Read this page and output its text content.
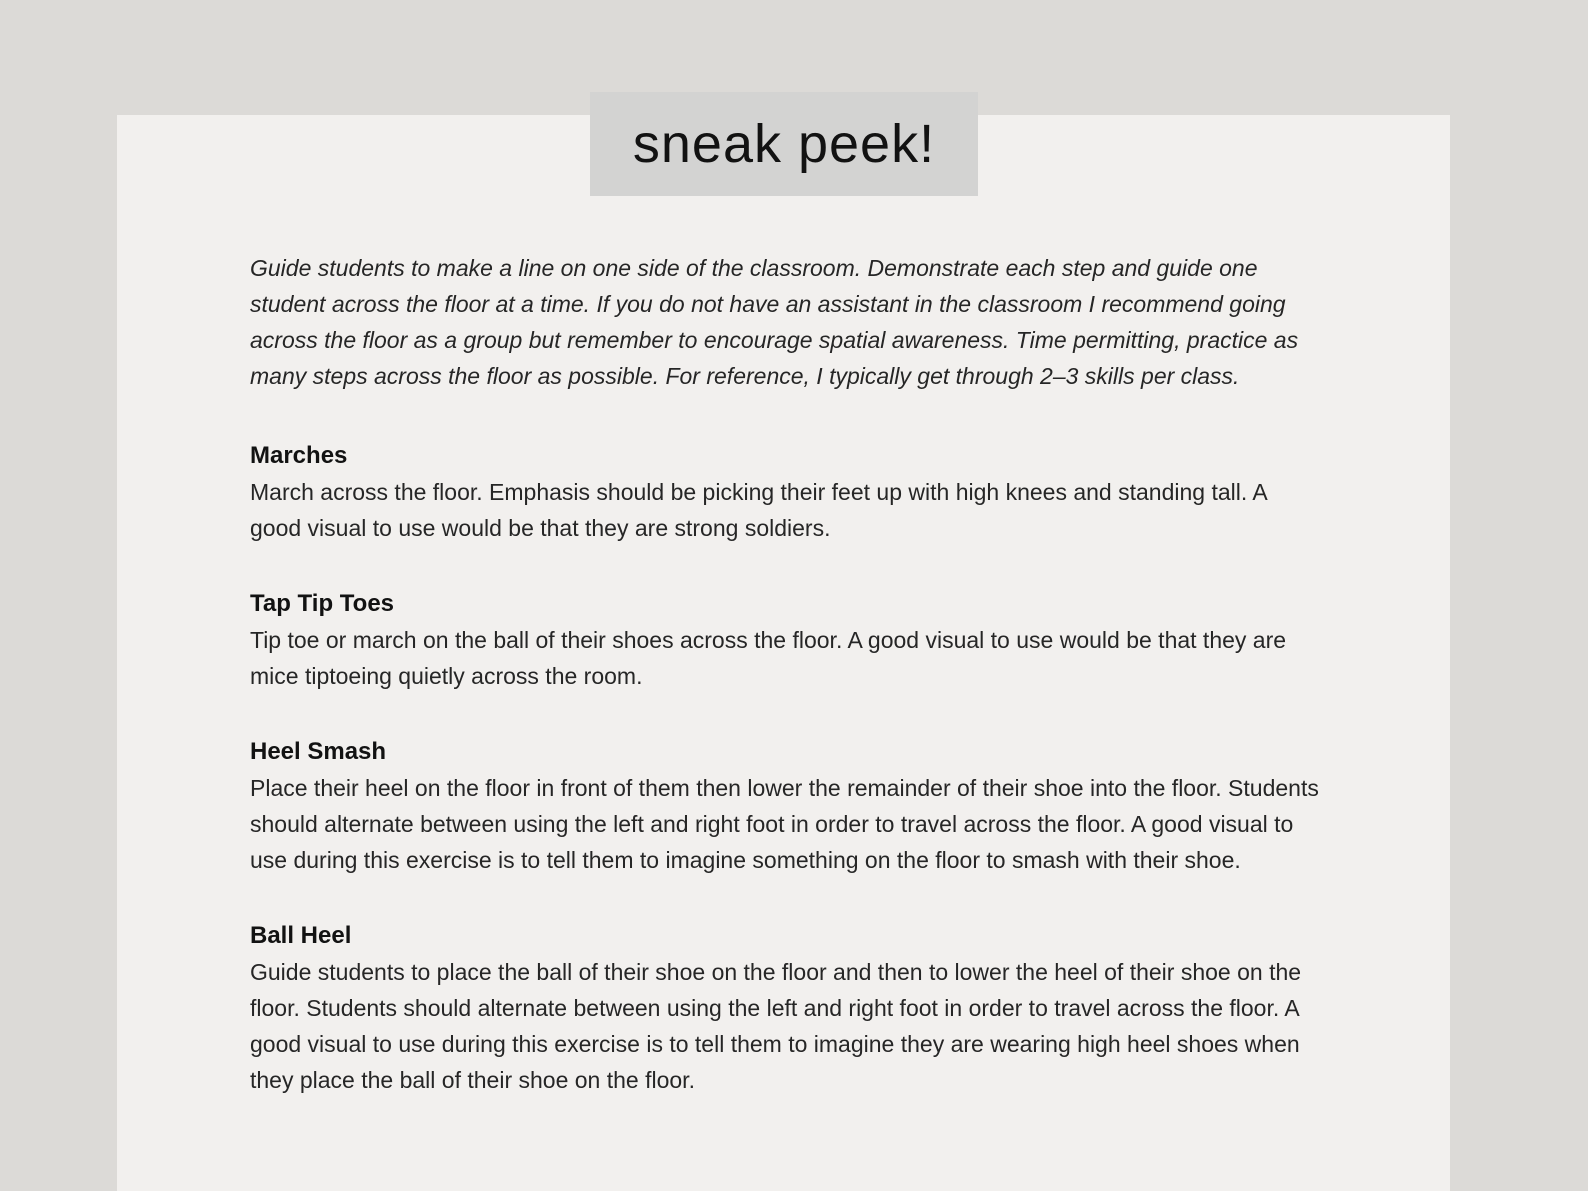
sneak peek!

Guide students to make a line on one side of the classroom. Demonstrate each step and guide one student across the floor at a time. If you do not have an assistant in the classroom I recommend going across the floor as a group but remember to encourage spatial awareness. Time permitting, practice as many steps across the floor as possible. For reference, I typically get through 2–3 skills per class.

Marches

March across the floor. Emphasis should be picking their feet up with high knees and standing tall. A good visual to use would be that they are strong soldiers.

Tap Tip Toes

Tip toe or march on the ball of their shoes across the floor. A good visual to use would be that they are mice tiptoeing quietly across the room.

Heel Smash

Place their heel on the floor in front of them then lower the remainder of their shoe into the floor. Students should alternate between using the left and right foot in order to travel across the floor. A good visual to use during this exercise is to tell them to imagine something on the floor to smash with their shoe.

Ball Heel

Guide students to place the ball of their shoe on the floor and then to lower the heel of their shoe on the floor. Students should alternate between using the left and right foot in order to travel across the floor. A good visual to use during this exercise is to tell them to imagine they are wearing high heel shoes when they place the ball of their shoe on the floor.
